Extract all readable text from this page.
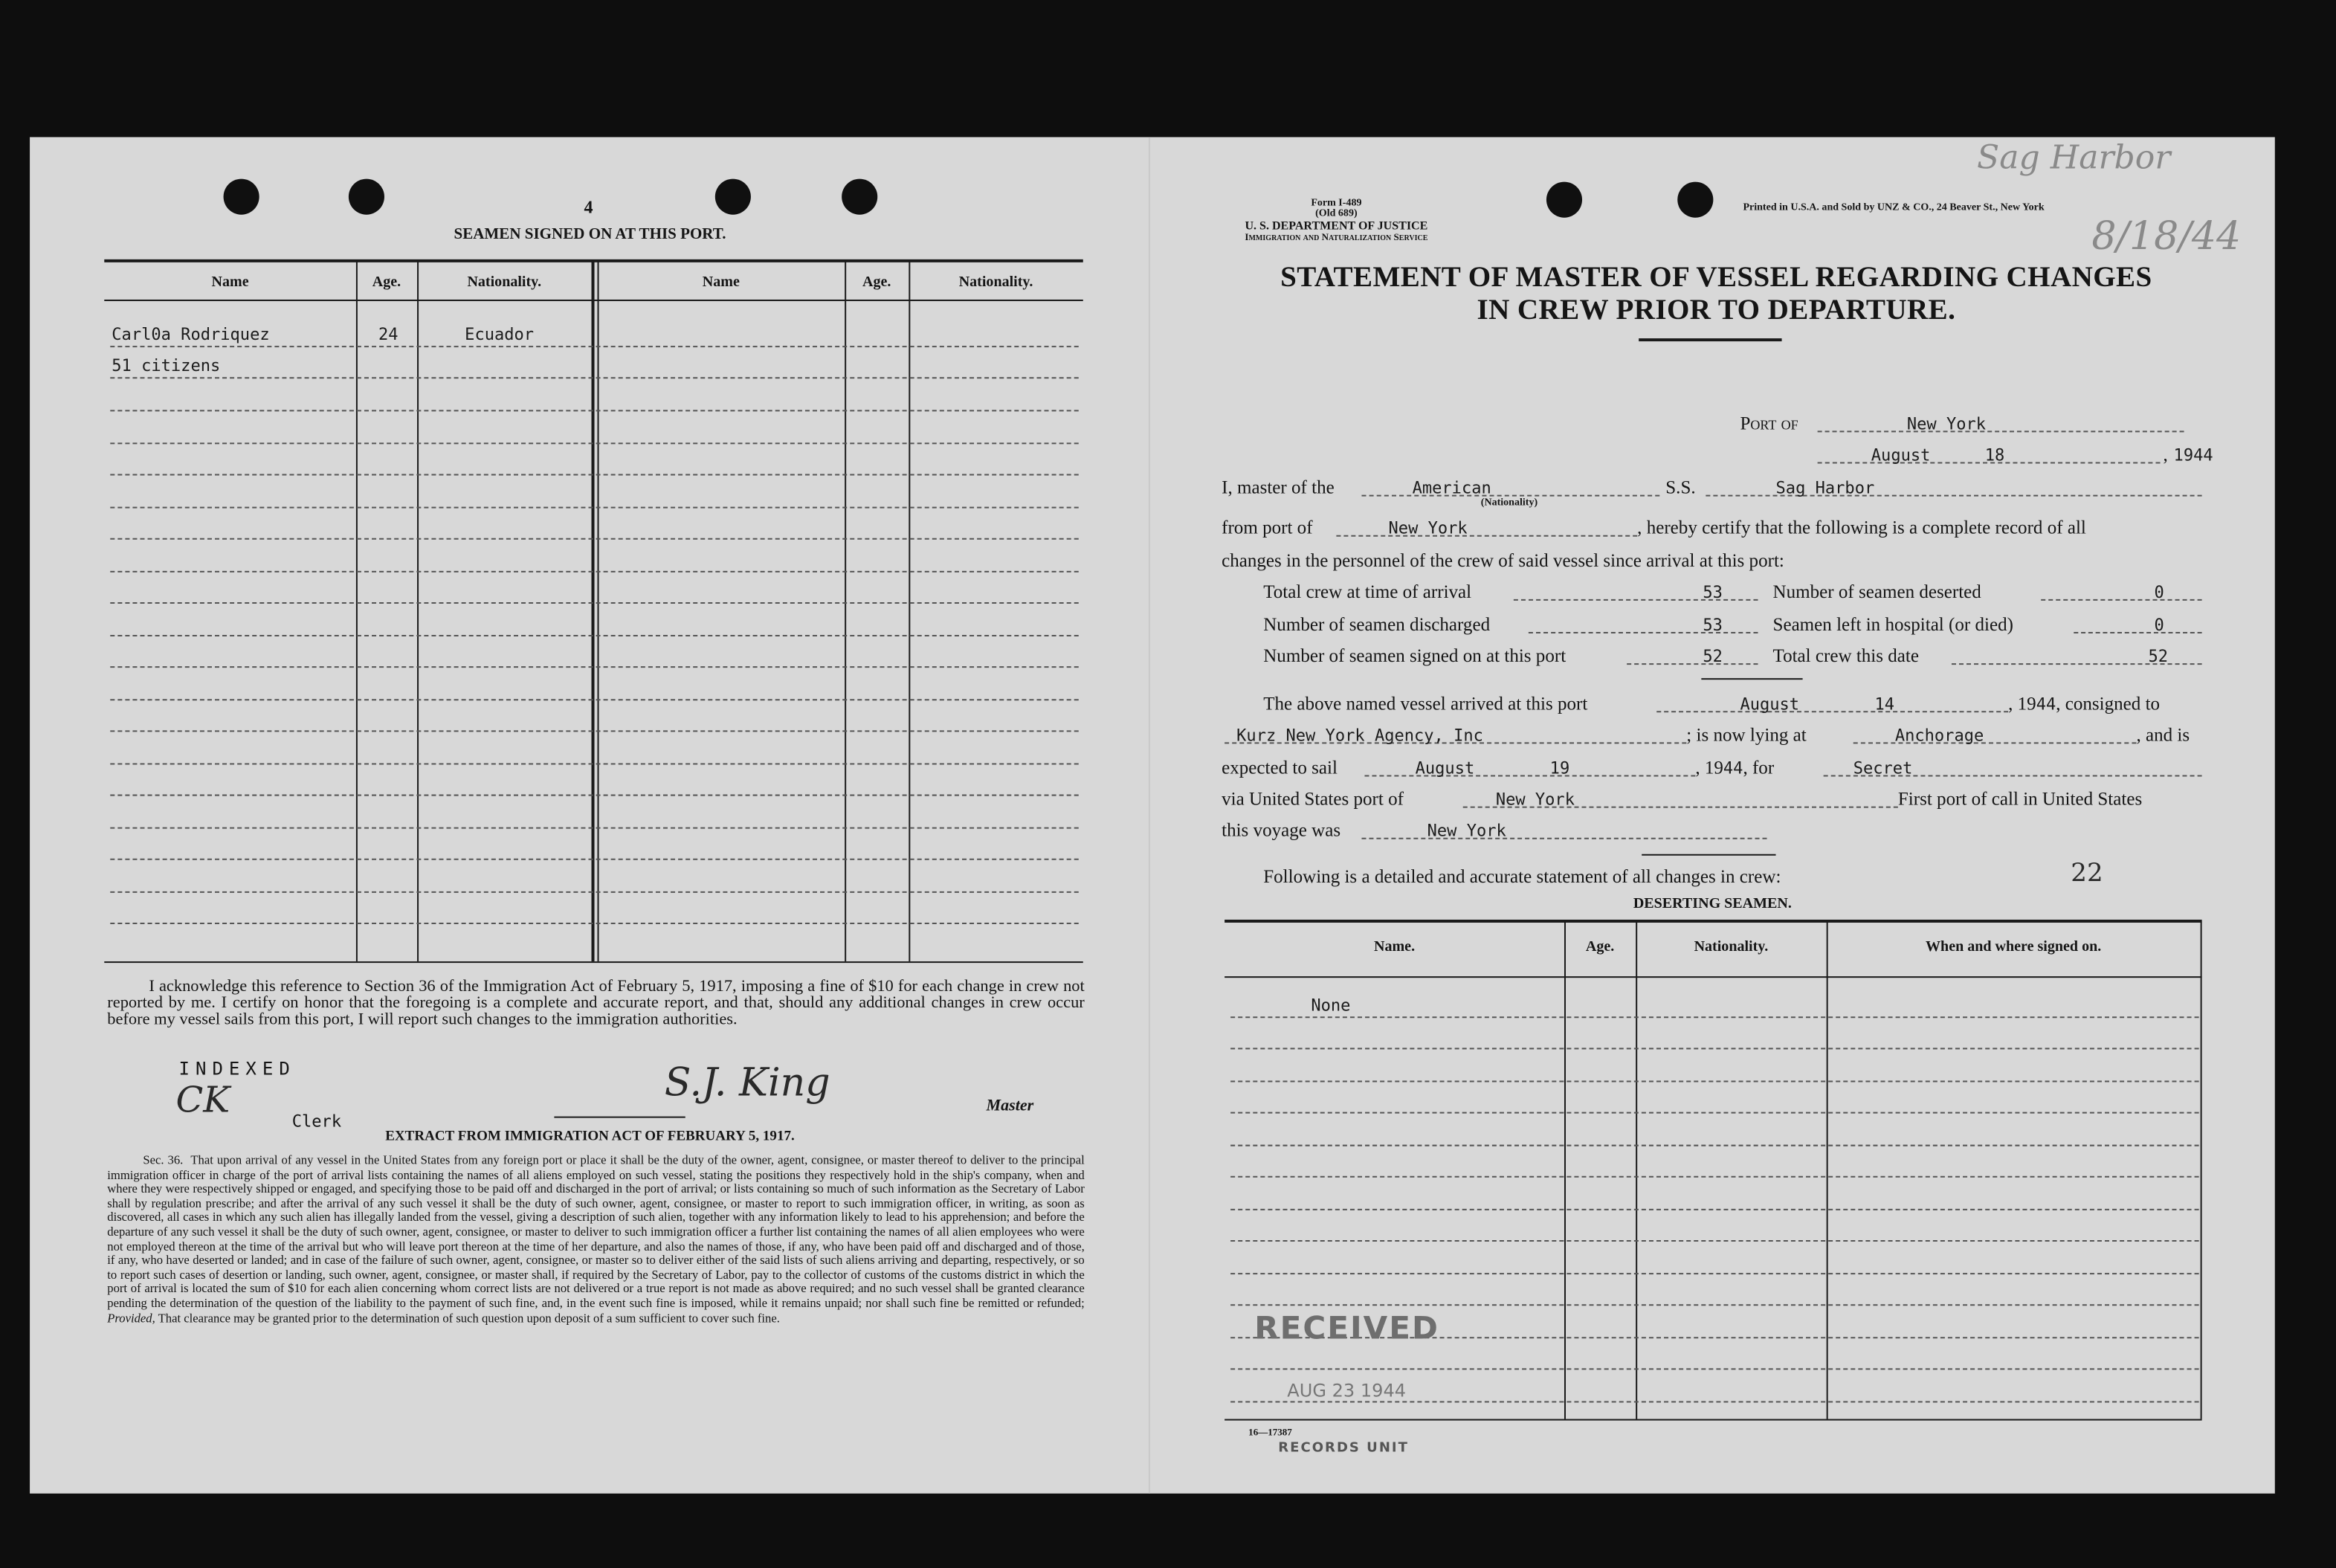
4
SEAMEN SIGNED ON AT THIS PORT.
Name	Age.	Nationality.	Name	Age.	Nationality.
Carl0a Rodriquez	24	Ecuador
51 citizens
I acknowledge this reference to Section 36 of the Immigration Act of February 5, 1917, imposing a fine of $10 for each change in crew not reported by me. I certify on honor that the foregoing is a complete and accurate report, and that, should any additional changes in crew occur before my vessel sails from this port, I will report such changes to the immigration authorities.
INDEXED
CK
Clerk
S.J. King	Master
EXTRACT FROM IMMIGRATION ACT OF FEBRUARY 5, 1917.
Sec. 36. That upon arrival of any vessel in the United States from any foreign port or place it shall be the duty of the owner, agent, consignee, or master thereof to deliver to the principal immigration officer in charge of the port of arrival lists containing the names of all aliens employed on such vessel, stating the positions they respectively hold in the ship's company, when and where they were respectively shipped or engaged, and specifying those to be paid off and discharged in the port of arrival; or lists containing so much of such information as the Secretary of Labor shall by regulation prescribe; and after the arrival of any such vessel it shall be the duty of such owner, agent, consignee, or master to report to such immigration officer, in writing, as soon as discovered, all cases in which any such alien has illegally landed from the vessel, giving a description of such alien, together with any information likely to lead to his apprehension; and before the departure of any such vessel it shall be the duty of such owner, agent, consignee, or master to deliver to such immigration officer a further list containing the names of all alien employees who were not employed thereon at the time of the arrival but who will leave port thereon at the time of her departure, and also the names of those, if any, who have been paid off and discharged and of those, if any, who have deserted or landed; and in case of the failure of such owner, agent, consignee, or master so to deliver either of the said lists of such aliens arriving and departing, respectively, or so to report such cases of desertion or landing, such owner, agent, consignee, or master shall, if required by the Secretary of Labor, pay to the collector of customs of the customs district in which the port of arrival is located the sum of $10 for each alien concerning whom correct lists are not delivered or a true report is not made as above required; and no such vessel shall be granted clearance pending the determination of the question of the liability to the payment of such fine, and, in the event such fine is imposed, while it remains unpaid; nor shall such fine be remitted or refunded; Provided, That clearance may be granted prior to the determination of such question upon deposit of a sum sufficient to cover such fine.
Form I-489
(Old 689)
U. S. DEPARTMENT OF JUSTICE
Immigration and Naturalization Service
Printed in U.S.A. and Sold by UNZ & CO., 24 Beaver St., New York
Sag Harbor
8/18/44
STATEMENT OF MASTER OF VESSEL REGARDING CHANGES
IN CREW PRIOR TO DEPARTURE.
Port of	New York
August 18	, 1944
I, master of the	American
(Nationality)
S.S.	Sag Harbor
from port of	New York	, hereby certify that the following is a complete record of all
changes in the personnel of the crew of said vessel since arrival at this port:
Total crew at time of arrival	53	Number of seamen deserted	0
Number of seamen discharged	53	Seamen left in hospital (or died)	0
Number of seamen signed on at this port	52	Total crew this date	52
The above named vessel arrived at this port	August 14	, 1944, consigned to
Kurz New York Agency, Inc	; is now lying at	Anchorage	, and is
expected to sail	August 19	, 1944, for	Secret
via United States port of	New York	First port of call in United States
this voyage was	New York
Following is a detailed and accurate statement of all changes in crew:	22
DESERTING SEAMEN.
Name.	Age.	Nationality.	When and where signed on.
None
RECEIVED
AUG 23 1944
16—17387
RECORDS UNIT
